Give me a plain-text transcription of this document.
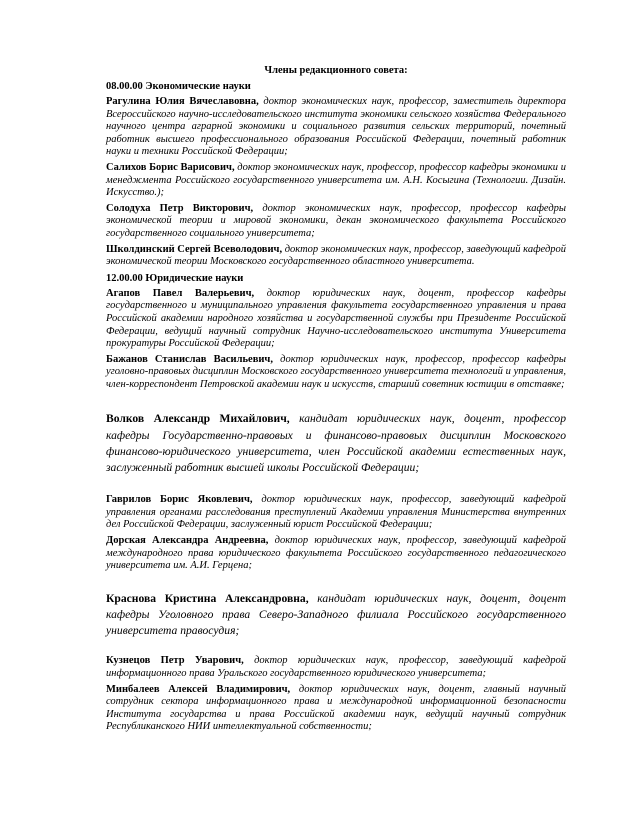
Члены редакционного совета:
08.00.00 Экономические науки

Рагулина Юлия Вячеславовна, доктор экономических наук, профессор, заместитель директора Всероссийского научно-исследовательского института экономики сельского хозяйства Федерального научного центра аграрной экономики и социального развития сельских территорий, почетный работник высшего профессионального образования Российской Федерации, почетный работник науки и техники Российской Федерации;

Салихов Борис Варисович, доктор экономических наук, профессор, профессор кафедры экономики и менеджмента Российского государственного университета им. А.Н. Косыгина (Технологии. Дизайн. Искусство.);

Солодуха Петр Викторович, доктор экономических наук, профессор, профессор кафедры экономической теории и мировой экономики, декан экономического факультета Российского государственного социального университета;

Школдинский Сергей Всеволодович, доктор экономических наук, профессор, заведующий кафедрой экономической теории Московского государственного областного университета.

12.00.00 Юридические науки

Агапов Павел Валерьевич, доктор юридических наук, доцент, профессор кафедры государственного и муниципального управления факультета государственного управления и права Российской академии народного хозяйства и государственной службы при Президенте Российской Федерации, ведущий научный сотрудник Научно-исследовательского института Университета прокуратуры Российской Федерации;

Бажанов Станислав Васильевич, доктор юридических наук, профессор, профессор кафедры уголовно-правовых дисциплин Московского государственного университета технологий и управления, член-корреспондент Петровской академии наук и искусств, старший советник юстиции в отставке;

Волков Александр Михайлович, кандидат юридических наук, доцент, профессор кафедры Государственно-правовых и финансово-правовых дисциплин Московского финансово-юридического университета, член Российской академии естественных наук, заслуженный работник высшей школы Российской Федерации;

Гаврилов Борис Яковлевич, доктор юридических наук, профессор, заведующий кафедрой управления органами расследования преступлений Академии управления Министерства внутренних дел Российской Федерации, заслуженный юрист Российской Федерации;

Дорская Александра Андреевна, доктор юридических наук, профессор, заведующий кафедрой международного права юридического факультета Российского государственного педагогического университета им. А.И. Герцена;

Краснова Кристина Александровна, кандидат юридических наук, доцент, доцент кафедры Уголовного права Северо-Западного филиала Российского государственного университета правосудия;

Кузнецов Петр Уварович, доктор юридических наук, профессор, заведующий кафедрой информационного права Уральского государственного юридического университета;

Минбалеев Алексей Владимирович, доктор юридических наук, доцент, главный научный сотрудник сектора информационного права и международной информационной безопасности Института государства и права Российской академии наук, ведущий научный сотрудник Республиканского НИИ интеллектуальной собственности;
